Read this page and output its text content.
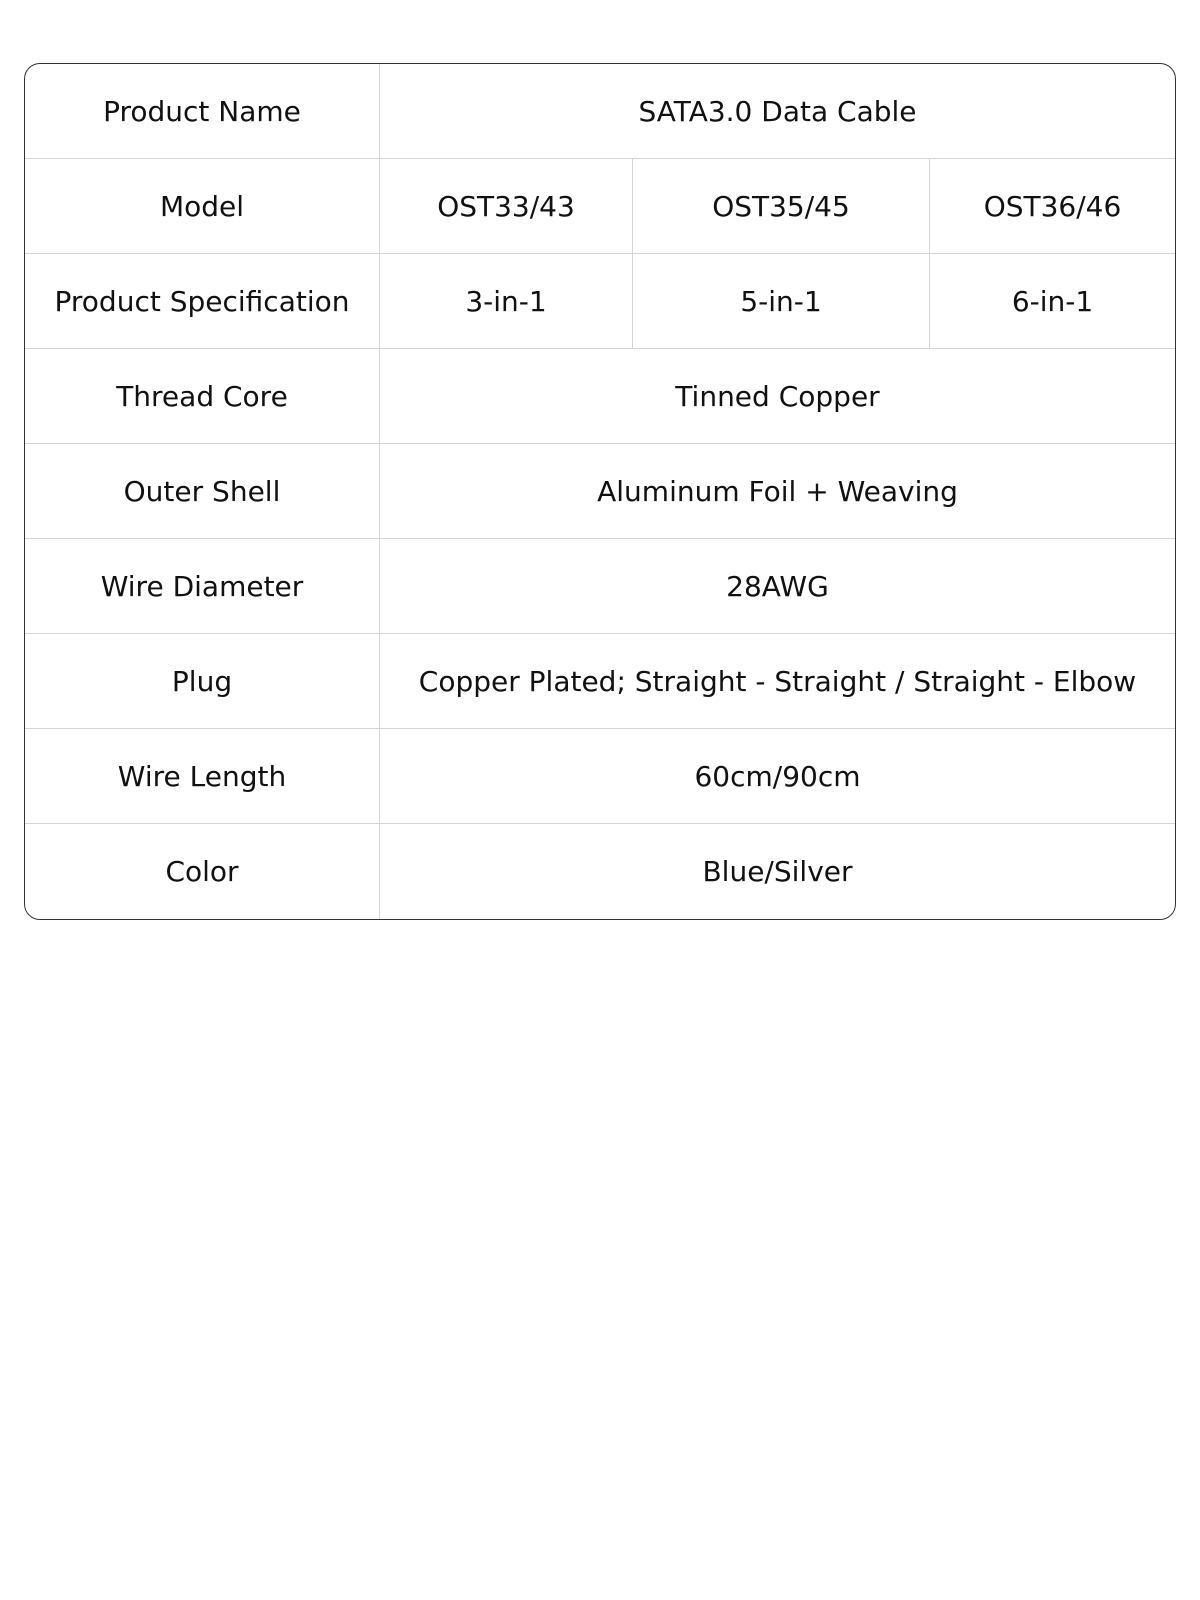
Product Name	SATA3.0 Data Cable
Model	OST33/43	OST35/45	OST36/46
Product Specification	3-in-1	5-in-1	6-in-1
Thread Core	Tinned Copper
Outer Shell	Aluminum Foil + Weaving
Wire Diameter	28AWG
Plug	Copper Plated; Straight - Straight / Straight - Elbow
Wire Length	60cm/90cm
Color	Blue/Silver
